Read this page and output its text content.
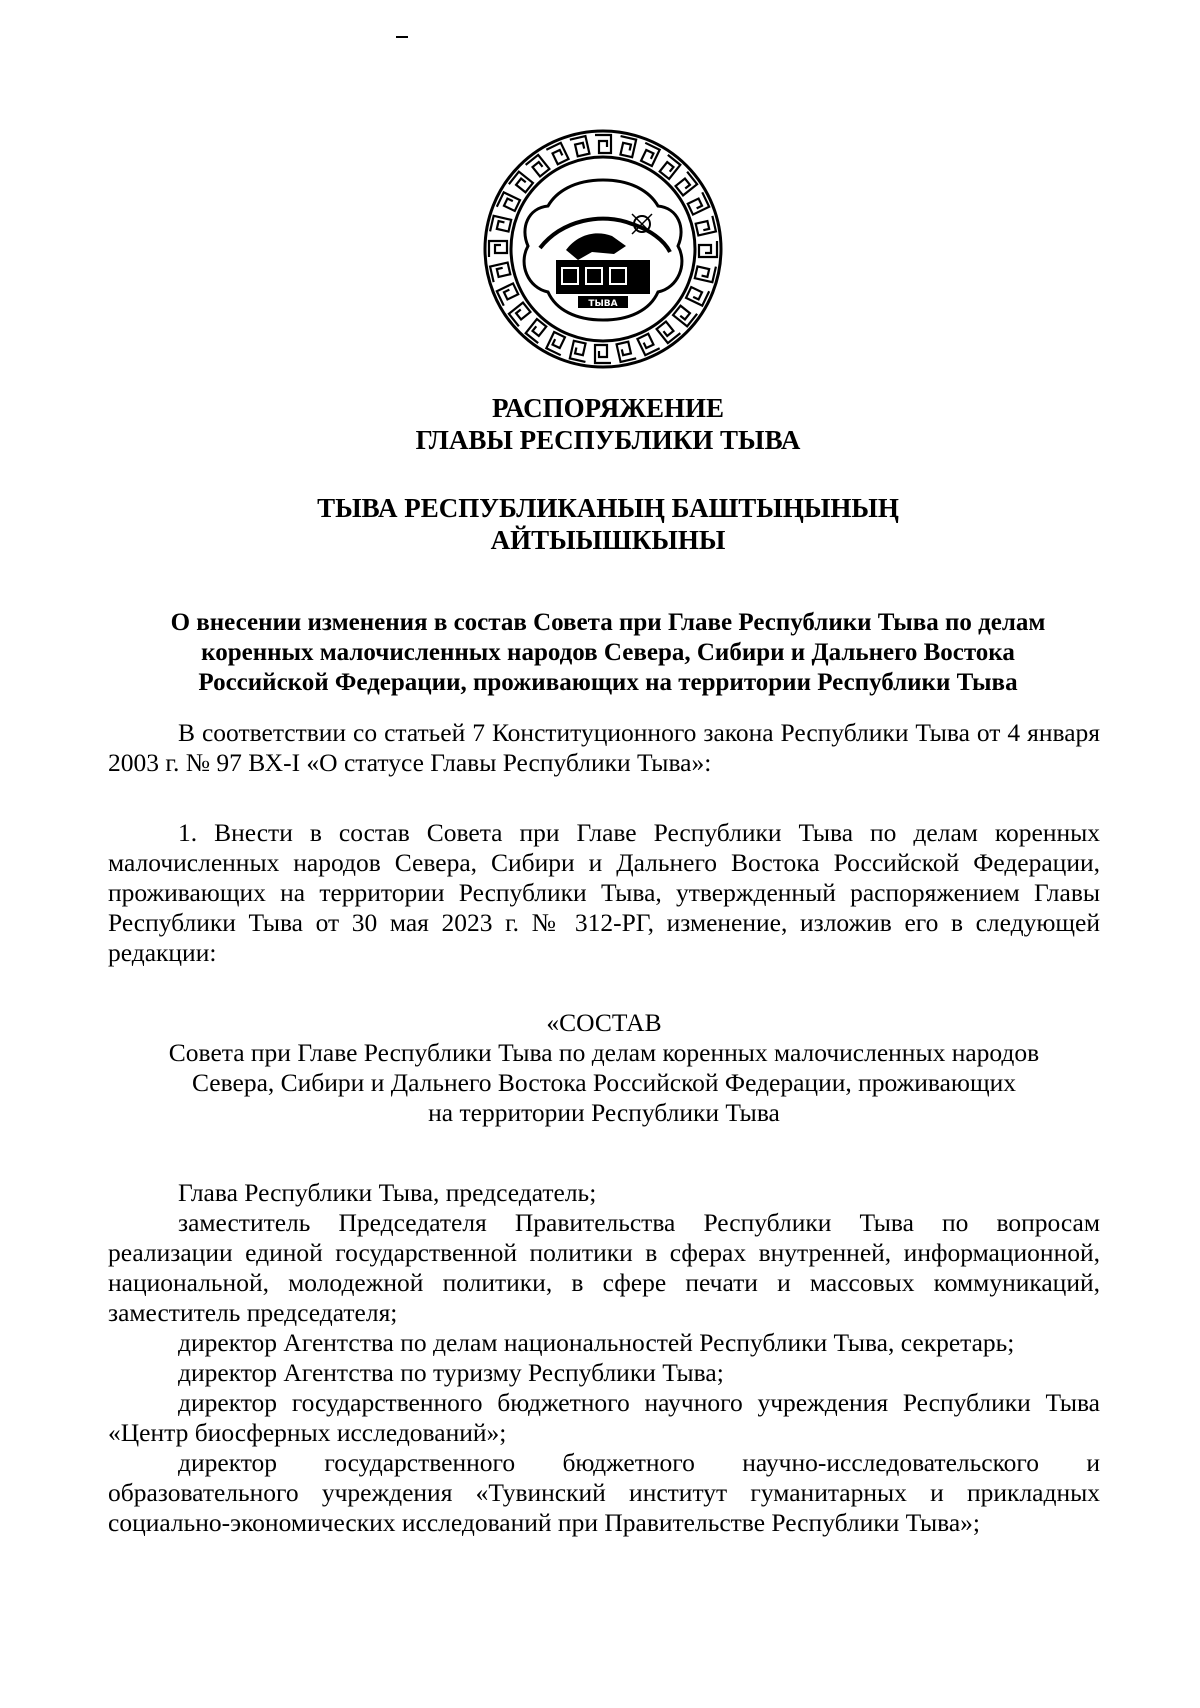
ТЫВА
РАСПОРЯЖЕНИЕ
ГЛАВЫ РЕСПУБЛИКИ ТЫВА
ТЫВА РЕСПУБЛИКАНЫҢ БАШТЫҢЫНЫҢ
АЙТЫЫШКЫНЫ
О внесении изменения в состав Совета при Главе Республики Тыва по делам
коренных малочисленных народов Севера, Сибири и Дальнего Востока
Российской Федерации, проживающих на территории Республики Тыва

В соответствии со статьей 7 Конституционного закона Республики Тыва от 4 января 2003 г. № 97 ВХ-I «О статусе Главы Республики Тыва»:

1. Внести в состав Совета при Главе Республики Тыва по делам коренных малочисленных народов Севера, Сибири и Дальнего Востока Российской Федерации, проживающих на территории Республики Тыва, утвержденный распоряжением Главы Республики Тыва от 30 мая 2023 г. № 312-РГ, изменение, изложив его в следующей редакции:

«СОСТАВ
Совета при Главе Республики Тыва по делам коренных малочисленных народов
Севера, Сибири и Дальнего Востока Российской Федерации, проживающих
на территории Республики Тыва

Глава Республики Тыва, председатель;

заместитель Председателя Правительства Республики Тыва по вопросам реализации единой государственной политики в сферах внутренней, информационной, национальной, молодежной политики, в сфере печати и массовых коммуникаций, заместитель председателя;

директор Агентства по делам национальностей Республики Тыва, секретарь;

директор Агентства по туризму Республики Тыва;

директор государственного бюджетного научного учреждения Республики Тыва «Центр биосферных исследований»;

директор государственного бюджетного научно-исследовательского и образовательного учреждения «Тувинский институт гуманитарных и прикладных социально-экономических исследований при Правительстве Республики Тыва»;
